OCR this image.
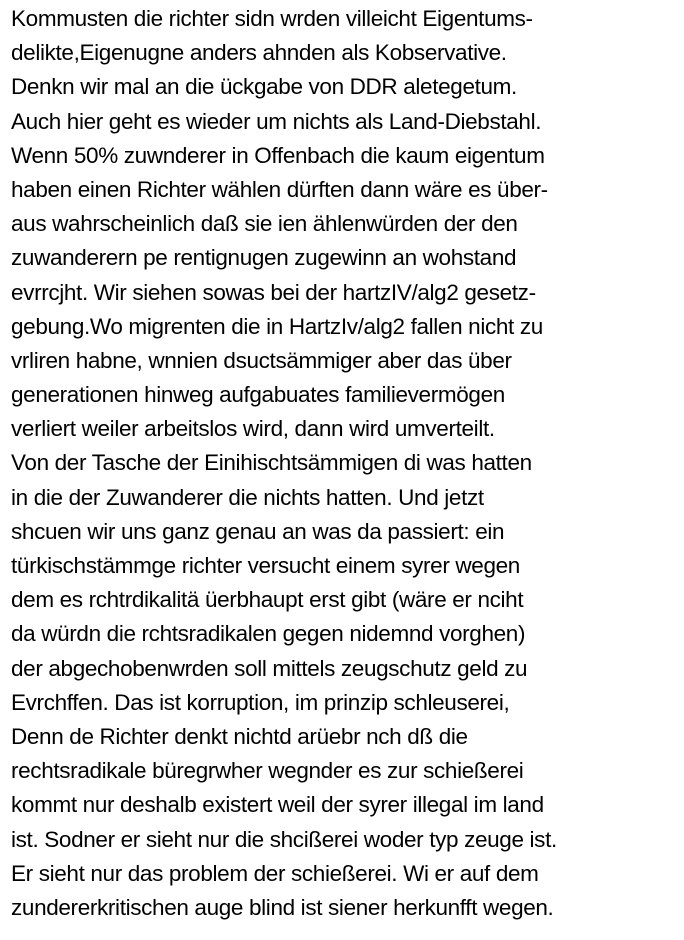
Kommusten die richter sidn wrden villeicht Eigentums-
delikte,Eigenugne anders ahnden als Kobservative.
Denkn wir mal an die ückgabe von DDR aletegetum.
Auch hier geht es wieder um nichts als Land-Diebstahl.
Wenn 50% zuwnderer in Offenbach die kaum eigentum
haben einen Richter wählen dürften dann wäre es über-
aus wahrscheinlich daß sie ien ählenwürden der den
zuwanderern pe rentignugen zugewinn an wohstand
evrrcjht. Wir siehen sowas bei der hartzIV/alg2 gesetz-
gebung.Wo migrenten die in HartzIv/alg2 fallen nicht zu
vrliren habne, wnnien dsuctsämmiger aber das über
generationen hinweg aufgabuates familievermögen
verliert weiler arbeitslos wird, dann wird umverteilt.
Von der Tasche der Einihischtsämmigen di was hatten
in die der Zuwanderer die nichts hatten. Und jetzt
shcuen wir uns ganz genau an was da passiert: ein
türkischstämmge richter versucht einem syrer wegen
dem es rchtrdikalitä üerbhaupt erst gibt (wäre er nciht
da würdn die rchtsradikalen gegen nidemnd vorghen)
der abgechobenwrden soll mittels zeugschutz geld zu
Evrchffen. Das ist korruption, im prinzip schleuserei,
Denn de Richter denkt nichtd arüebr nch dß die
rechtsradikale büregrwher wegnder es zur schießerei
kommt nur deshalb existert weil der syrer illegal im land
ist. Sodner er sieht nur die shcißerei woder typ zeuge ist.
Er sieht nur das problem der schießerei. Wi er auf dem
zundererkritischen auge blind ist siener herkunfft wegen.
